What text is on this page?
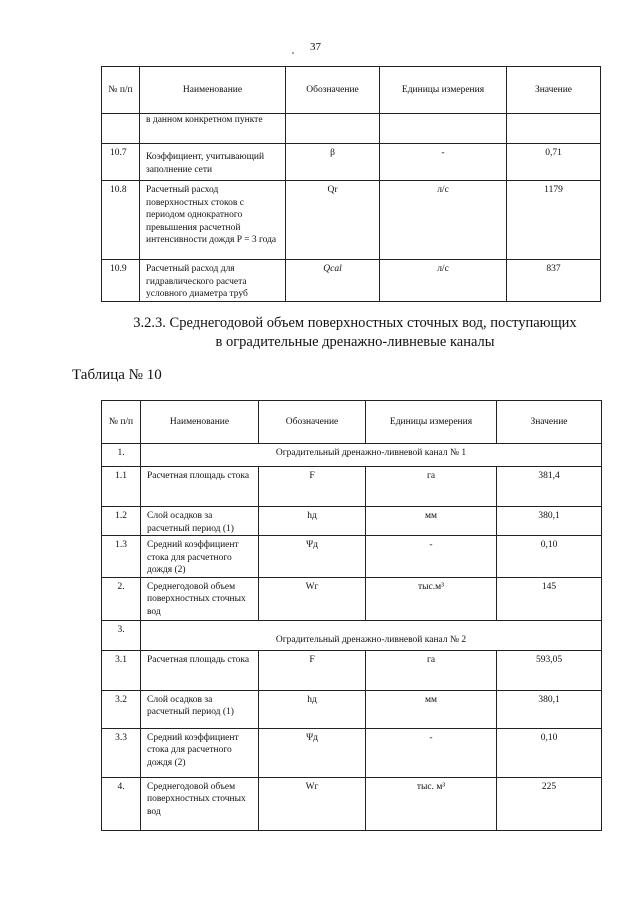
37
№ п/п	Наименование	Обозначение	Единицы измерения	Значение

	в данном конкретном пункте			

10.7	Коэффициент, учитывающий заполнение сети	β	-	0,71

10.8	Расчетный расход поверхностных стоков с периодом однократного превышения расчетной интенсивности дождя P = 3 года	Qr	л/с	1179

10.9	Расчетный расход для гидравлического расчета условного диаметра труб	Qcal	л/с	837
3.2.3. Среднегодовой объем поверхностных сточных вод, поступающих
в оградительные дренажно-ливневые каналы
Таблица № 10
№ п/п	Наименование	Обозначение	Единицы измерения	Значение

1.	Оградительный дренажно-ливневой канал № 1			

1.1	Расчетная площадь стока	F	га	381,4

1.2	Слой осадков за расчетный период (1)	hд	мм	380,1

1.3	Средний коэффициент стока для расчетного дождя (2)	Ψд	-	0,10

2.	Среднегодовой объем поверхностных сточных вод	Wг	тыс.м³	145

3.	Оградительный дренажно-ливневой канал № 2			

3.1	Расчетная площадь стока	F	га	593,05

3.2	Слой осадков за расчетный период (1)	hд	мм	380,1

3.3	Средний коэффициент стока для расчетного дождя (2)	Ψд	-	0,10

4.	Среднегодовой объем поверхностных сточных вод	Wг	тыс. м³	225
